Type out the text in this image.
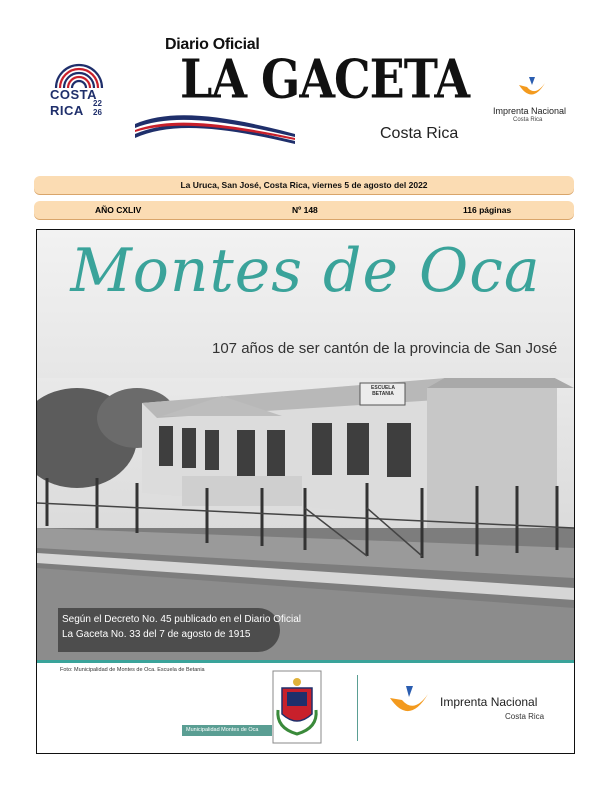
COSTA
RICA 22
26
Diario Oficial
LA GACETA
Costa Rica
Imprenta Nacional
Costa Rica
La Uruca, San José, Costa Rica, viernes 5 de agosto del 2022
AÑO CXLIV	Nº 148	116 páginas
ESCUELA BETANIA
Montes de Oca
107 años de ser cantón de la provincia de San José
Según el Decreto No. 45 publicado en el Diario Oficial
La Gaceta No. 33 del 7 de agosto de 1915
Foto: Municipalidad de Montes de Oca. Escuela de Betania
Municipalidad Montes de Oca
Imprenta Nacional
Costa Rica
